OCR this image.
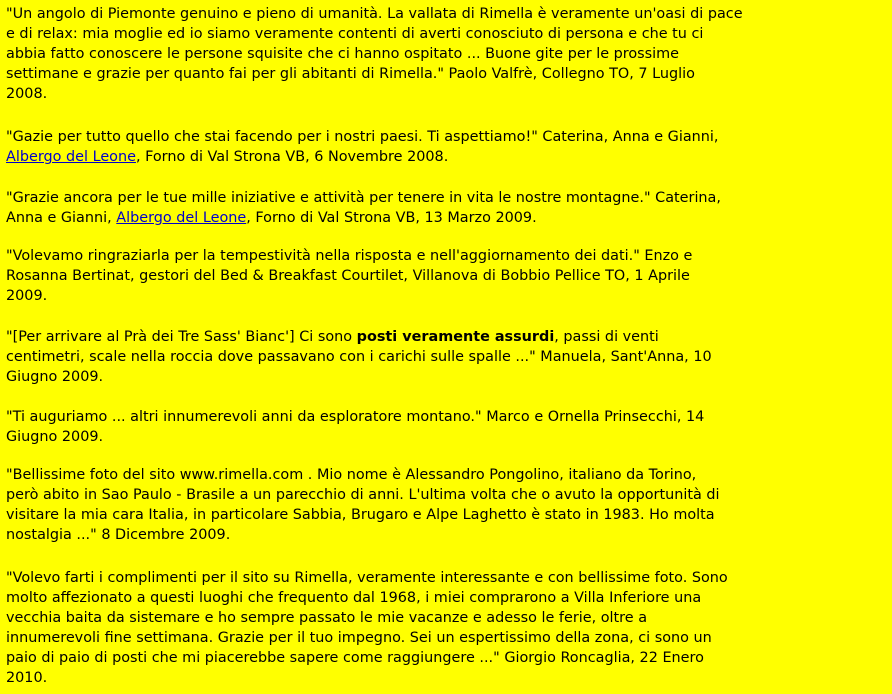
"Un angolo di Piemonte genuino e pieno di umanità. La vallata di Rimella è veramente un'oasi di pace
e di relax: mia moglie ed io siamo veramente contenti di averti conosciuto di persona e che tu ci
abbia fatto conoscere le persone squisite che ci hanno ospitato ... Buone gite per le prossime
settimane e grazie per quanto fai per gli abitanti di Rimella." Paolo Valfrè, Collegno TO, 7 Luglio
2008.

"Gazie per tutto quello che stai facendo per i nostri paesi. Ti aspettiamo!" Caterina, Anna e Gianni,
Albergo del Leone, Forno di Val Strona VB, 6 Novembre 2008.

"Grazie ancora per le tue mille iniziative e attività per tenere in vita le nostre montagne." Caterina,
Anna e Gianni, Albergo del Leone, Forno di Val Strona VB, 13 Marzo 2009.

"Volevamo ringraziarla per la tempestività nella risposta e nell'aggiornamento dei dati." Enzo e
Rosanna Bertinat, gestori del Bed & Breakfast Courtilet, Villanova di Bobbio Pellice TO, 1 Aprile
2009.

"[Per arrivare al Prà dei Tre Sass' Bianc'] Ci sono posti veramente assurdi, passi di venti
centimetri, scale nella roccia dove passavano con i carichi sulle spalle ..." Manuela, Sant'Anna, 10
Giugno 2009.

"Ti auguriamo ... altri innumerevoli anni da esploratore montano." Marco e Ornella Prinsecchi, 14
Giugno 2009.

"Bellissime foto del sito www.rimella.com . Mio nome è Alessandro Pongolino, italiano da Torino,
però abito in Sao Paulo - Brasile a un parecchio di anni. L'ultima volta che o avuto la opportunità di
visitare la mia cara Italia, in particolare Sabbia, Brugaro e Alpe Laghetto è stato in 1983. Ho molta
nostalgia ..." 8 Dicembre 2009.

"Volevo farti i complimenti per il sito su Rimella, veramente interessante e con bellissime foto. Sono
molto affezionato a questi luoghi che frequento dal 1968, i miei comprarono a Villa Inferiore una
vecchia baita da sistemare e ho sempre passato le mie vacanze e adesso le ferie, oltre a
innumerevoli fine settimana. Grazie per il tuo impegno. Sei un espertissimo della zona, ci sono un
paio di paio di posti che mi piacerebbe sapere come raggiungere ..." Giorgio Roncaglia, 22 Enero
2010.
